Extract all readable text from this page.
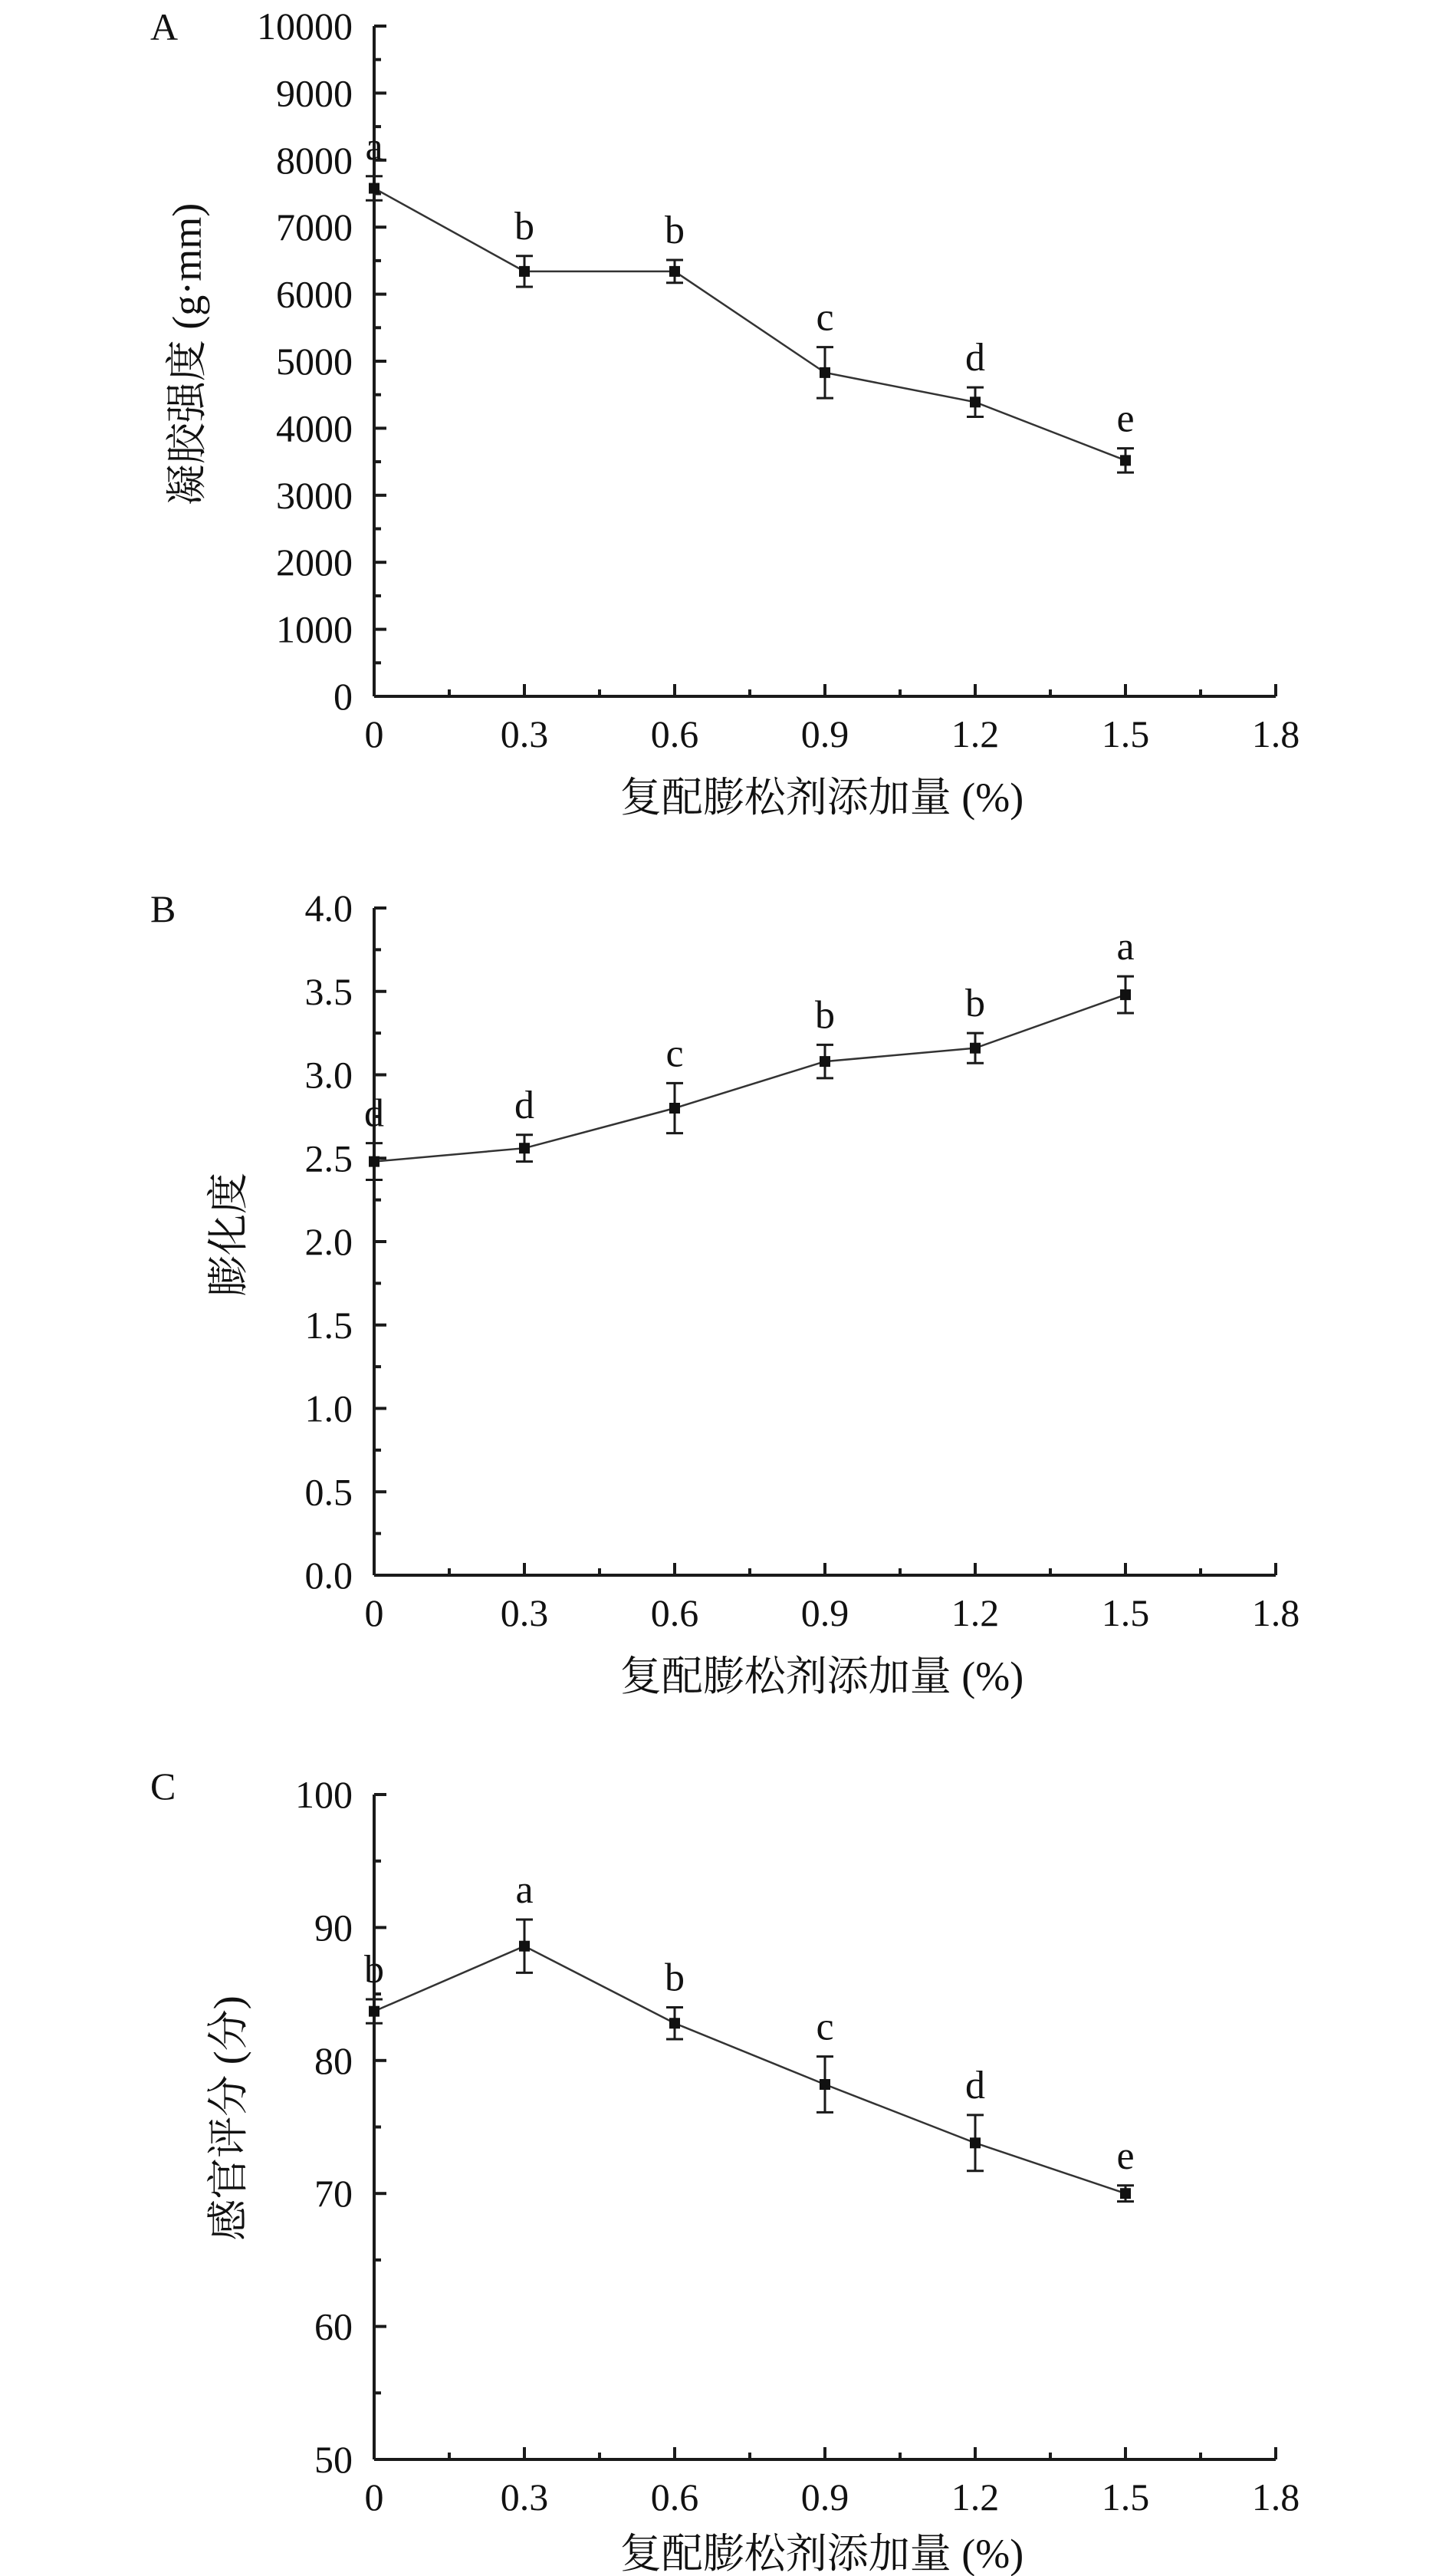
A
凝胶强度 (g·mm)
复配膨松剂添加量 (%)
0
1000
2000
3000
4000
5000
6000
7000
8000
9000
10000
0	0.3	0.6	0.9	1.2	1.5	1.8
a
b	b
c
d
e
B
膨化度
复配膨松剂添加量 (%)
0.0
0.5
1.0
1.5
2.0
2.5
3.0
3.5
4.0
0	0.3	0.6	0.9	1.2	1.5	1.8
d	d
c
b	b
a
C
感官评分 (分)
复配膨松剂添加量 (%)
50
60
70
80
90
100
0	0.3	0.6	0.9	1.2	1.5	1.8
b
a
b
c
d
e
